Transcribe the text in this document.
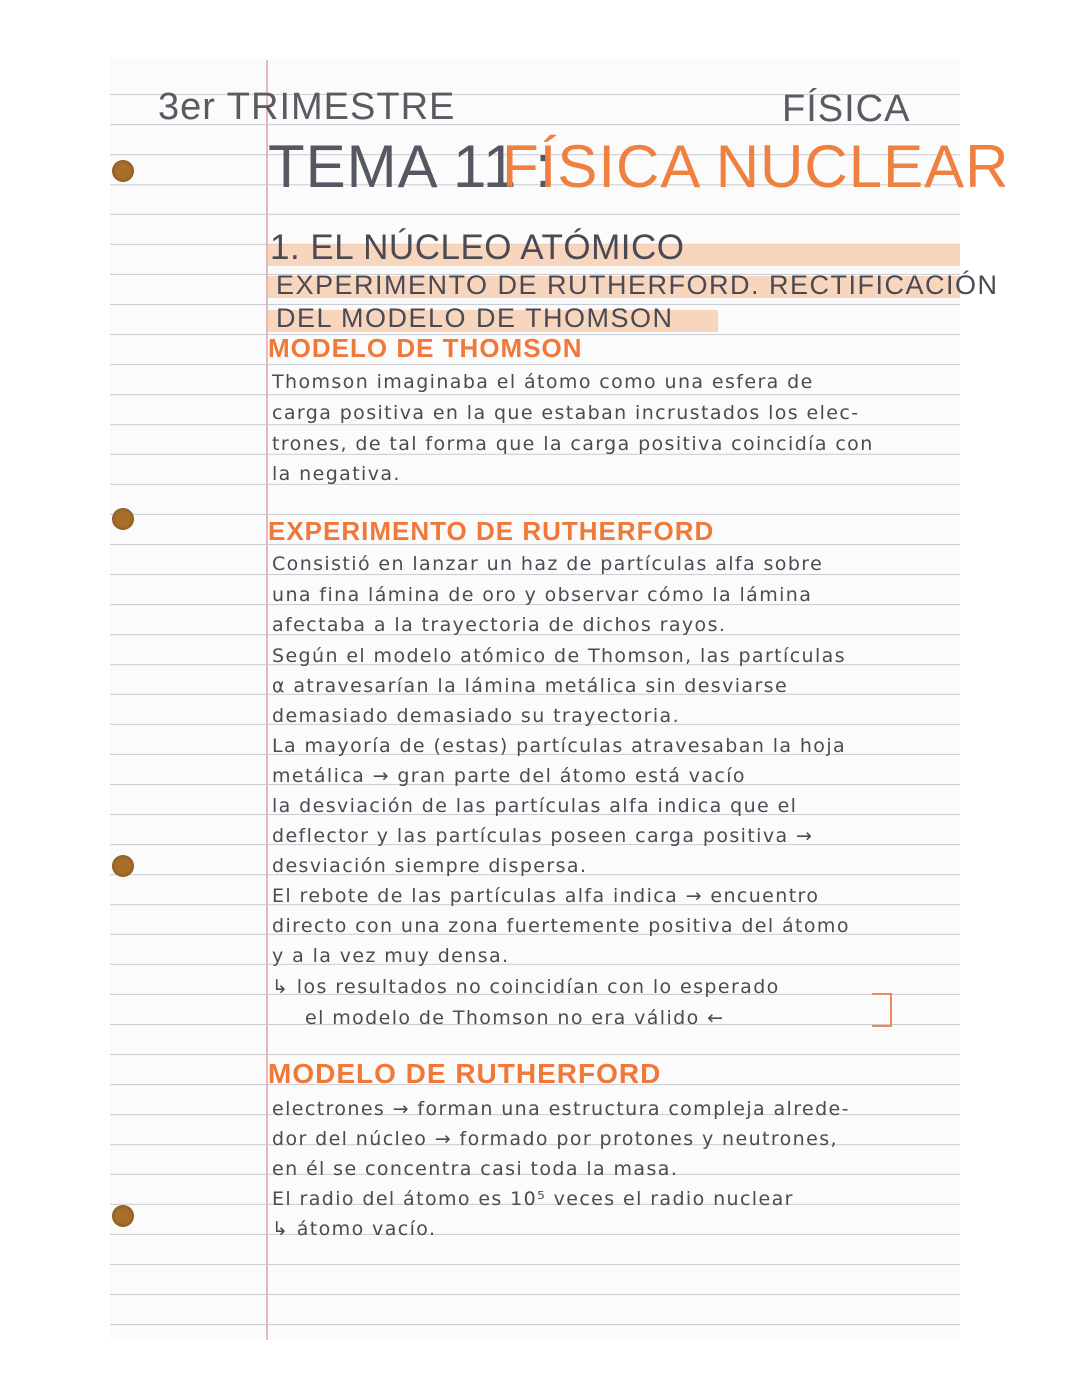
3er TRIMESTRE	FÍSICA
TEMA 11 :
FÍSICA NUCLEAR
1. EL NÚCLEO ATÓMICO
EXPERIMENTO DE RUTHERFORD. RECTIFICACIÓN
DEL MODELO DE THOMSON
MODELO DE THOMSON
Thomson imaginaba el átomo como una esfera de
carga positiva en la que estaban incrustados los elec-
trones, de tal forma que la carga positiva coincidía con
la negativa.
EXPERIMENTO DE RUTHERFORD
Consistió en lanzar un haz de partículas alfa sobre
una fina lámina de oro y observar cómo la lámina
afectaba a la trayectoria de dichos rayos.
Según el modelo atómico de Thomson, las partículas
α atravesarían la lámina metálica sin desviarse
demasiado demasiado su trayectoria.
La mayoría de (estas) partículas atravesaban la hoja
metálica → gran parte del átomo está vacío
la desviación de las partículas alfa indica que el
deflector y las partículas poseen carga positiva →
desviación siempre dispersa.
El rebote de las partículas alfa indica → encuentro
directo con una zona fuertemente positiva del átomo
y a la vez muy densa.
↳ los resultados no coincidían con lo esperado
el modelo de Thomson no era válido ←
MODELO DE RUTHERFORD
electrones → forman una estructura compleja alrede-
dor del núcleo → formado por protones y neutrones,
en él se concentra casi toda la masa.
El radio del átomo es 10⁵ veces el radio nuclear
↳ átomo vacío.
